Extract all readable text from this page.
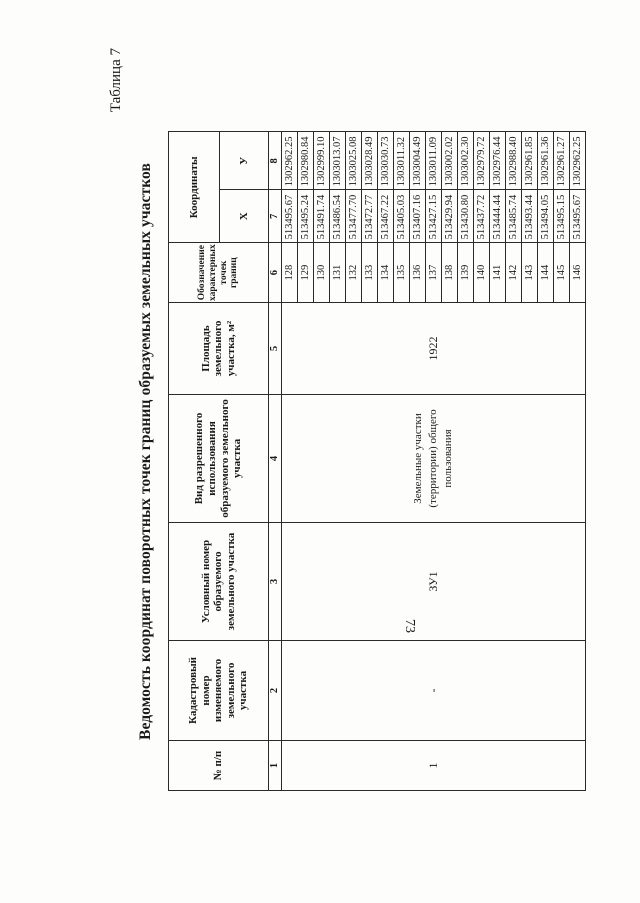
Таблица 7
Ведомость координат поворотных точек границ образуемых земельных участков
№ п/п	Кадастровый номер изменяемого земельного участка	Условный номер образуемого земельного участка	Вид разрешенного использования образуемого земельного участка	Площадь земельного участка, м²	Обозначение характерных точек границ	Координаты	
						X	У
1	2	3	4	5	6	7	8
1	-	ЗУ1	Земельные участки (территории) общего пользования	1922	128	513495.67	1302962.25
					129	513495.24	1302980.84
					130	513491.74	1302999.10
					131	513486.54	1303013.07
					132	513477.70	1303025.08
					133	513472.77	1303028.49
					134	513467.22	1303030.73
					135	513405.03	1303011.32
					136	513407.16	1303004.49
					137	513427.15	1303011.09
					138	513429.94	1303002.02
					139	513430.80	1303002.30
					140	513437.72	1302979.72
					141	513444.44	1302976.44
					142	513485.74	1302988.40
					143	513493.44	1302961.85
					144	513494.05	1302961.36
					145	513495.15	1302961.27
					146	513495.67	1302962.25
73
